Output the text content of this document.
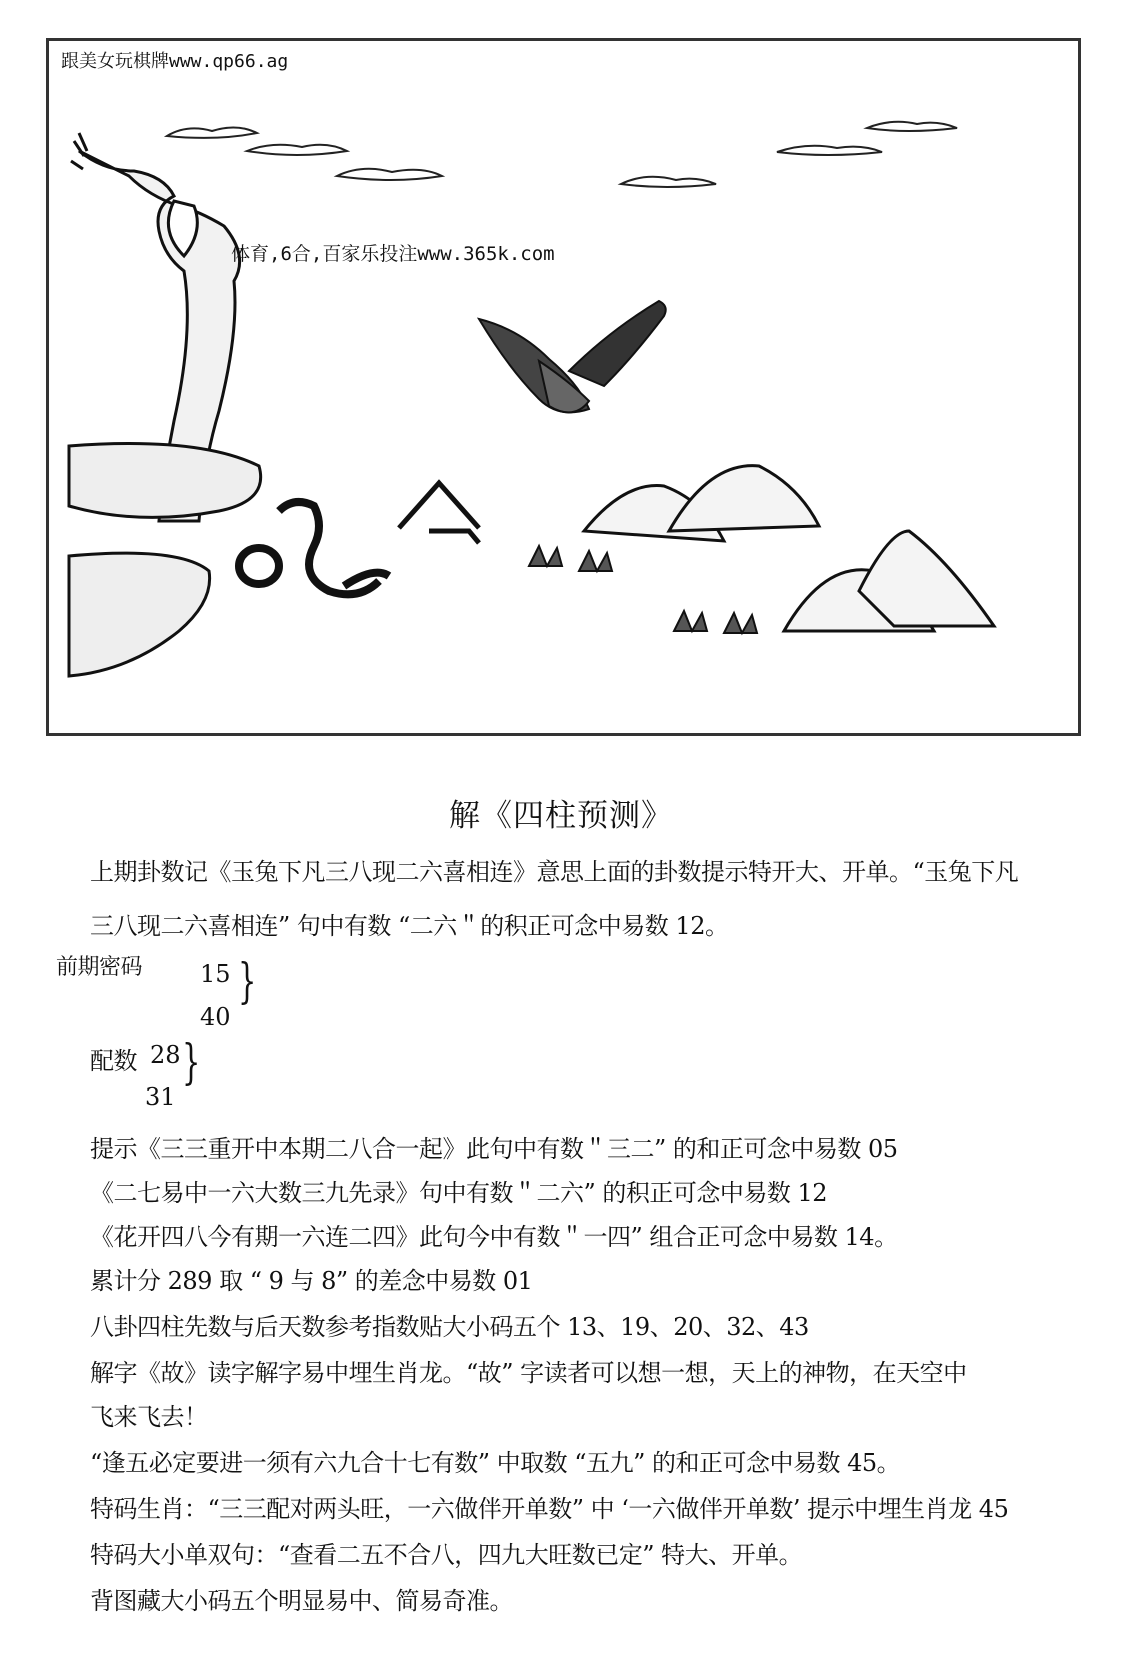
跟美女玩棋牌www.qp66.ag
体育,6合,百家乐投注www.365k.com
解《四柱预测》
上期卦数记《玉兔下凡三八现二六喜相连》意思上面的卦数提示特开大、开单。“玉兔下凡
三八现二六喜相连” 句中有数 “二六＂的积正可念中易数 12。
前期密码 15
40
}
配数 28
31
}
提示《三三重开中本期二八合一起》此句中有数＂三二” 的和正可念中易数 05
《二七易中一六大数三九先录》句中有数＂二六” 的积正可念中易数 12
《花开四八今有期一六连二四》此句今中有数＂一四” 组合正可念中易数 14。
累计分 289 取 “ 9 与 8” 的差念中易数 01
八卦四柱先数与后天数参考指数贴大小码五个 13、19、20、32、43
解字《故》读字解字易中埋生肖龙。“故” 字读者可以想一想，天上的神物，在天空中
飞来飞去！
“逢五必定要进一须有六九合十七有数” 中取数 “五九” 的和正可念中易数 45。
特码生肖：“三三配对两头旺，一六做伴开单数” 中 ‘一六做伴开单数’ 提示中埋生肖龙 45
特码大小单双句：“查看二五不合八，四九大旺数已定” 特大、开单。
背图藏大小码五个明显易中、简易奇准。
